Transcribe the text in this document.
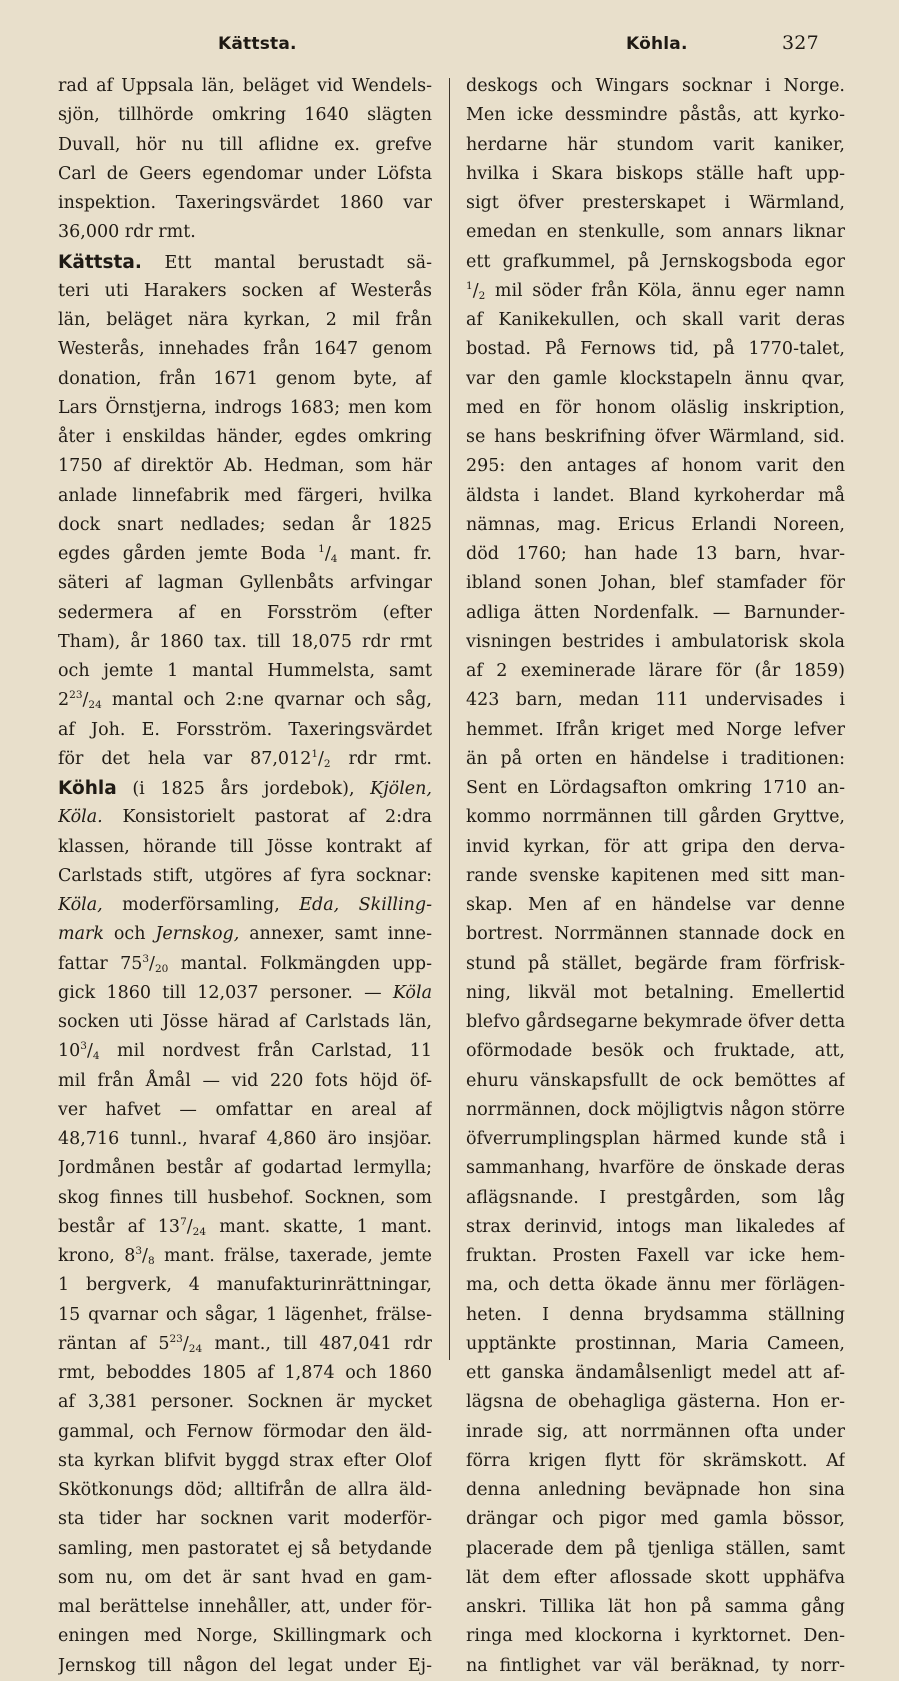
Kättsta.	Köhla.	327
rad af Uppsala län, beläget vid Wendels-
sjön, tillhörde omkring 1640 slägten
Duvall, hör nu till aflidne ex. grefve
Carl de Geers egendomar under Löfsta
inspektion. Taxeringsvärdet 1860 var
36,000 rdr rmt.
Kättsta. Ett mantal berustadt sä-
teri uti Harakers socken af Westerås
län, beläget nära kyrkan, 2 mil från
Westerås, innehades från 1647 genom
donation, från 1671 genom byte, af
Lars Örnstjerna, indrogs 1683; men kom
åter i enskildas händer, egdes omkring
1750 af direktör Ab. Hedman, som här
anlade linnefabrik med färgeri, hvilka
dock snart nedlades; sedan år 1825
egdes gården jemte Boda $^1/_4$ mant. fr.
säteri af lagman Gyllenbåts arfvingar
sedermera af en Forsström (efter
Tham), år 1860 tax. till 18,075 rdr rmt
och jemte 1 mantal Hummelsta, samt
$2^{23}/_{24}$ mantal och 2:ne qvarnar och såg,
af Joh. E. Forsström. Taxeringsvärdet
för det hela var $87,012^1/_2$ rdr rmt.
Köhla (i 1825 års jordebok), Kjölen,
Köla. Konsistorielt pastorat af 2:dra
klassen, hörande till Jösse kontrakt af
Carlstads stift, utgöres af fyra socknar:
Köla, moderförsamling, Eda, Skilling-
mark och Jernskog, annexer, samt inne-
fattar $75^3/_{20}$ mantal. Folkmängden upp-
gick 1860 till 12,037 personer. — Köla
socken uti Jösse härad af Carlstads län,
$10^3/_4$ mil nordvest från Carlstad, 11
mil från Åmål — vid 220 fots höjd öf-
ver hafvet — omfattar en areal af
48,716 tunnl., hvaraf 4,860 äro insjöar.
Jordmånen består af godartad lermylla;
skog finnes till husbehof. Socknen, som
består af $13^7/_{24}$ mant. skatte, 1 mant.
krono, $8^3/_8$ mant. frälse, taxerade, jemte
1 bergverk, 4 manufakturinrättningar,
15 qvarnar och sågar, 1 lägenhet, frälse-
räntan af $5^{23}/_{24}$ mant., till 487,041 rdr
rmt, beboddes 1805 af 1,874 och 1860
af 3,381 personer. Socknen är mycket
gammal, och Fernow förmodar den äld-
sta kyrkan blifvit byggd strax efter Olof
Skötkonungs död; alltifrån de allra äld-
sta tider har socknen varit moderför-
samling, men pastoratet ej så betydande
som nu, om det är sant hvad en gam-
mal berättelse innehåller, att, under för-
eningen med Norge, Skillingmark och
Jernskog till någon del legat under Ej-
deskogs och Wingars socknar i Norge.
Men icke dessmindre påstås, att kyrko-
herdarne här stundom varit kaniker,
hvilka i Skara biskops ställe haft upp-
sigt öfver presterskapet i Wärmland,
emedan en stenkulle, som annars liknar
ett grafkummel, på Jernskogsboda egor
$^1/_2$ mil söder från Köla, ännu eger namn
af Kanikekullen, och skall varit deras
bostad. På Fernows tid, på 1770-talet,
var den gamle klockstapeln ännu qvar,
med en för honom oläslig inskription,
se hans beskrifning öfver Wärmland, sid.
295: den antages af honom varit den
äldsta i landet. Bland kyrkoherdar må
nämnas, mag. Ericus Erlandi Noreen,
död 1760; han hade 13 barn, hvar-
ibland sonen Johan, blef stamfader för
adliga ätten Nordenfalk. — Barnunder-
visningen bestrides i ambulatorisk skola
af 2 exeminerade lärare för (år 1859)
423 barn, medan 111 undervisades i
hemmet. Ifrån kriget med Norge lefver
än på orten en händelse i traditionen:
Sent en Lördagsafton omkring 1710 an-
kommo norrmännen till gården Gryttve,
invid kyrkan, för att gripa den derva-
rande svenske kapitenen med sitt man-
skap. Men af en händelse var denne
bortrest. Norrmännen stannade dock en
stund på stället, begärde fram förfrisk-
ning, likväl mot betalning. Emellertid
blefvo gårdsegarne bekymrade öfver detta
oförmodade besök och fruktade, att,
ehuru vänskapsfullt de ock bemöttes af
norrmännen, dock möjligtvis någon större
öfverrumplingsplan härmed kunde stå i
sammanhang, hvarföre de önskade deras
aflägsnande. I prestgården, som låg
strax derinvid, intogs man likaledes af
fruktan. Prosten Faxell var icke hem-
ma, och detta ökade ännu mer förlägen-
heten. I denna brydsamma ställning
upptänkte prostinnan, Maria Cameen,
ett ganska ändamålsenligt medel att af-
lägsna de obehagliga gästerna. Hon er-
inrade sig, att norrmännen ofta under
förra krigen flytt för skrämskott. Af
denna anledning beväpnade hon sina
drängar och pigor med gamla bössor,
placerade dem på tjenliga ställen, samt
lät dem efter aflossade skott upphäfva
anskri. Tillika lät hon på samma gång
ringa med klockorna i kyrktornet. Den-
na fintlighet var väl beräknad, ty norr-
